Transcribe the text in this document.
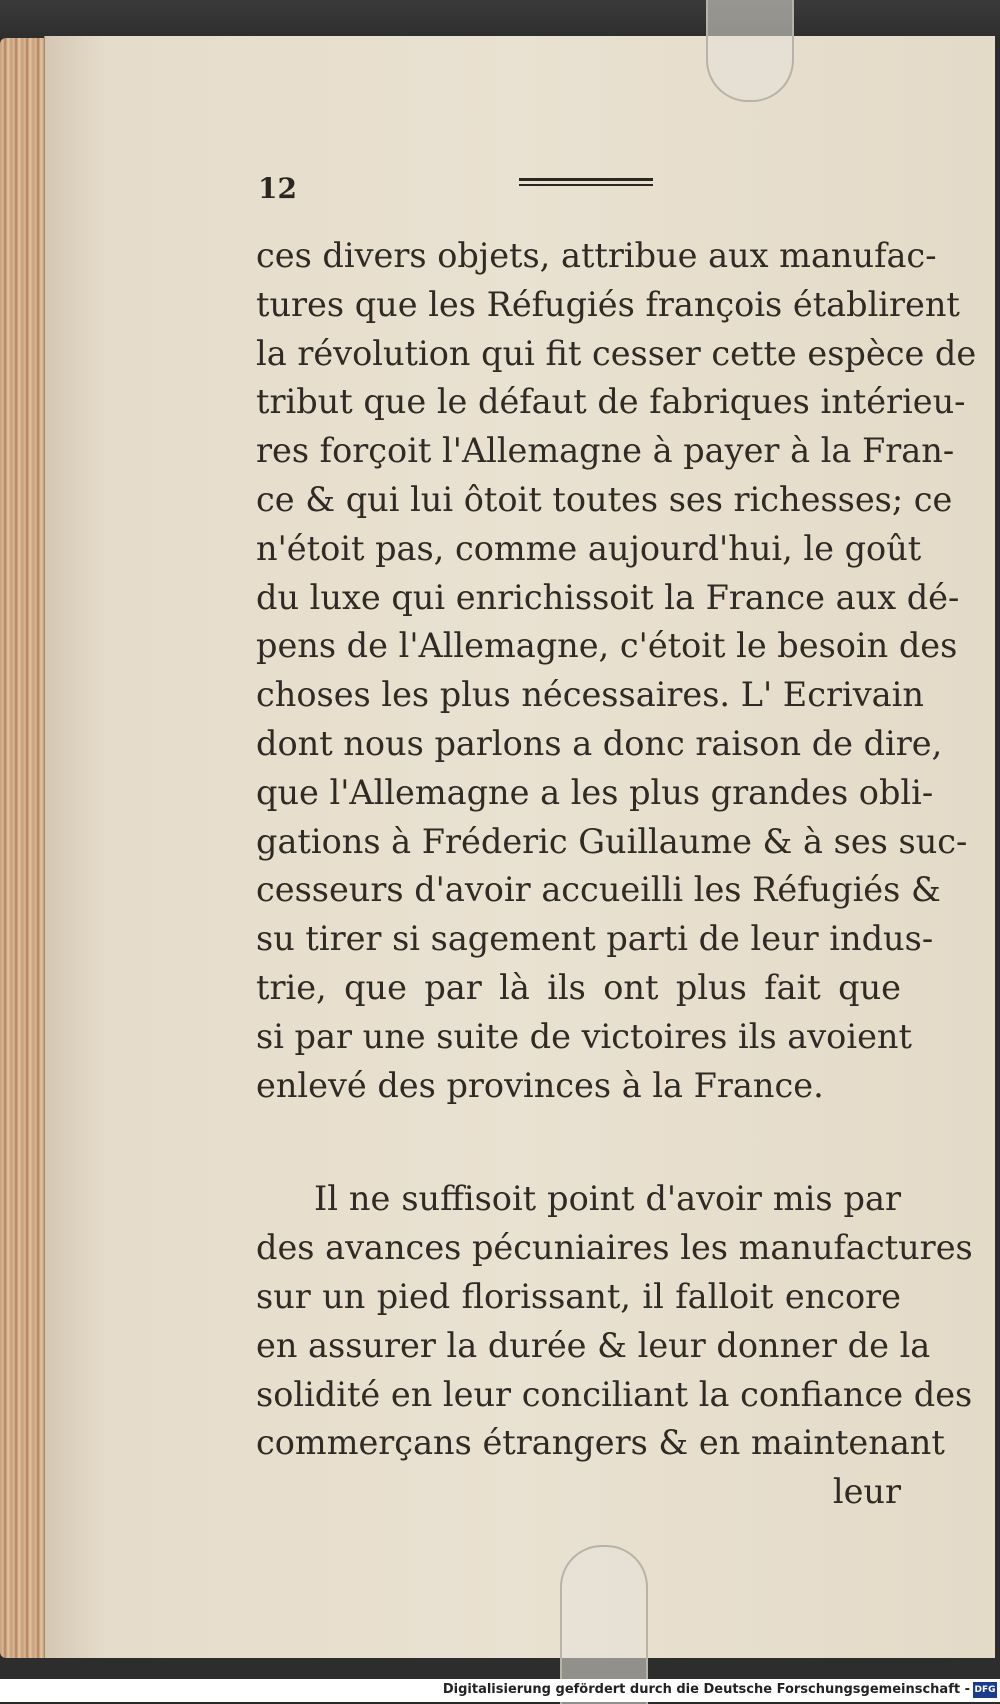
12
ces divers objets, attribue aux manufac-
tures que les Réfugiés françois établirent
la révolution qui fit cesser cette espèce de
tribut que le défaut de fabriques intérieu-
res forçoit l'Allemagne à payer à la Fran-
ce & qui lui ôtoit toutes ses richesses; ce
n'étoit pas, comme aujourd'hui, le goût
du luxe qui enrichissoit la France aux dé-
pens de l'Allemagne, c'étoit le besoin des
choses les plus nécessaires. L' Ecrivain
dont nous parlons a donc raison de dire,
que l'Allemagne a les plus grandes obli-
gations à Fréderic Guillaume & à ses suc-
cesseurs d'avoir accueilli les Réfugiés &
su tirer si sagement parti de leur indus-
trie, que par là ils ont plus fait que
si par une suite de victoires ils avoient
enlevé des provinces à la France.
Il ne suffisoit point d'avoir mis par
des avances pécuniaires les manufactures
sur un pied florissant, il falloit encore
en assurer la durée & leur donner de la
solidité en leur conciliant la confiance des
commerçans étrangers & en maintenant
leur
Digitalisierung gefördert durch die Deutsche Forschungsgemeinschaft - DFG
